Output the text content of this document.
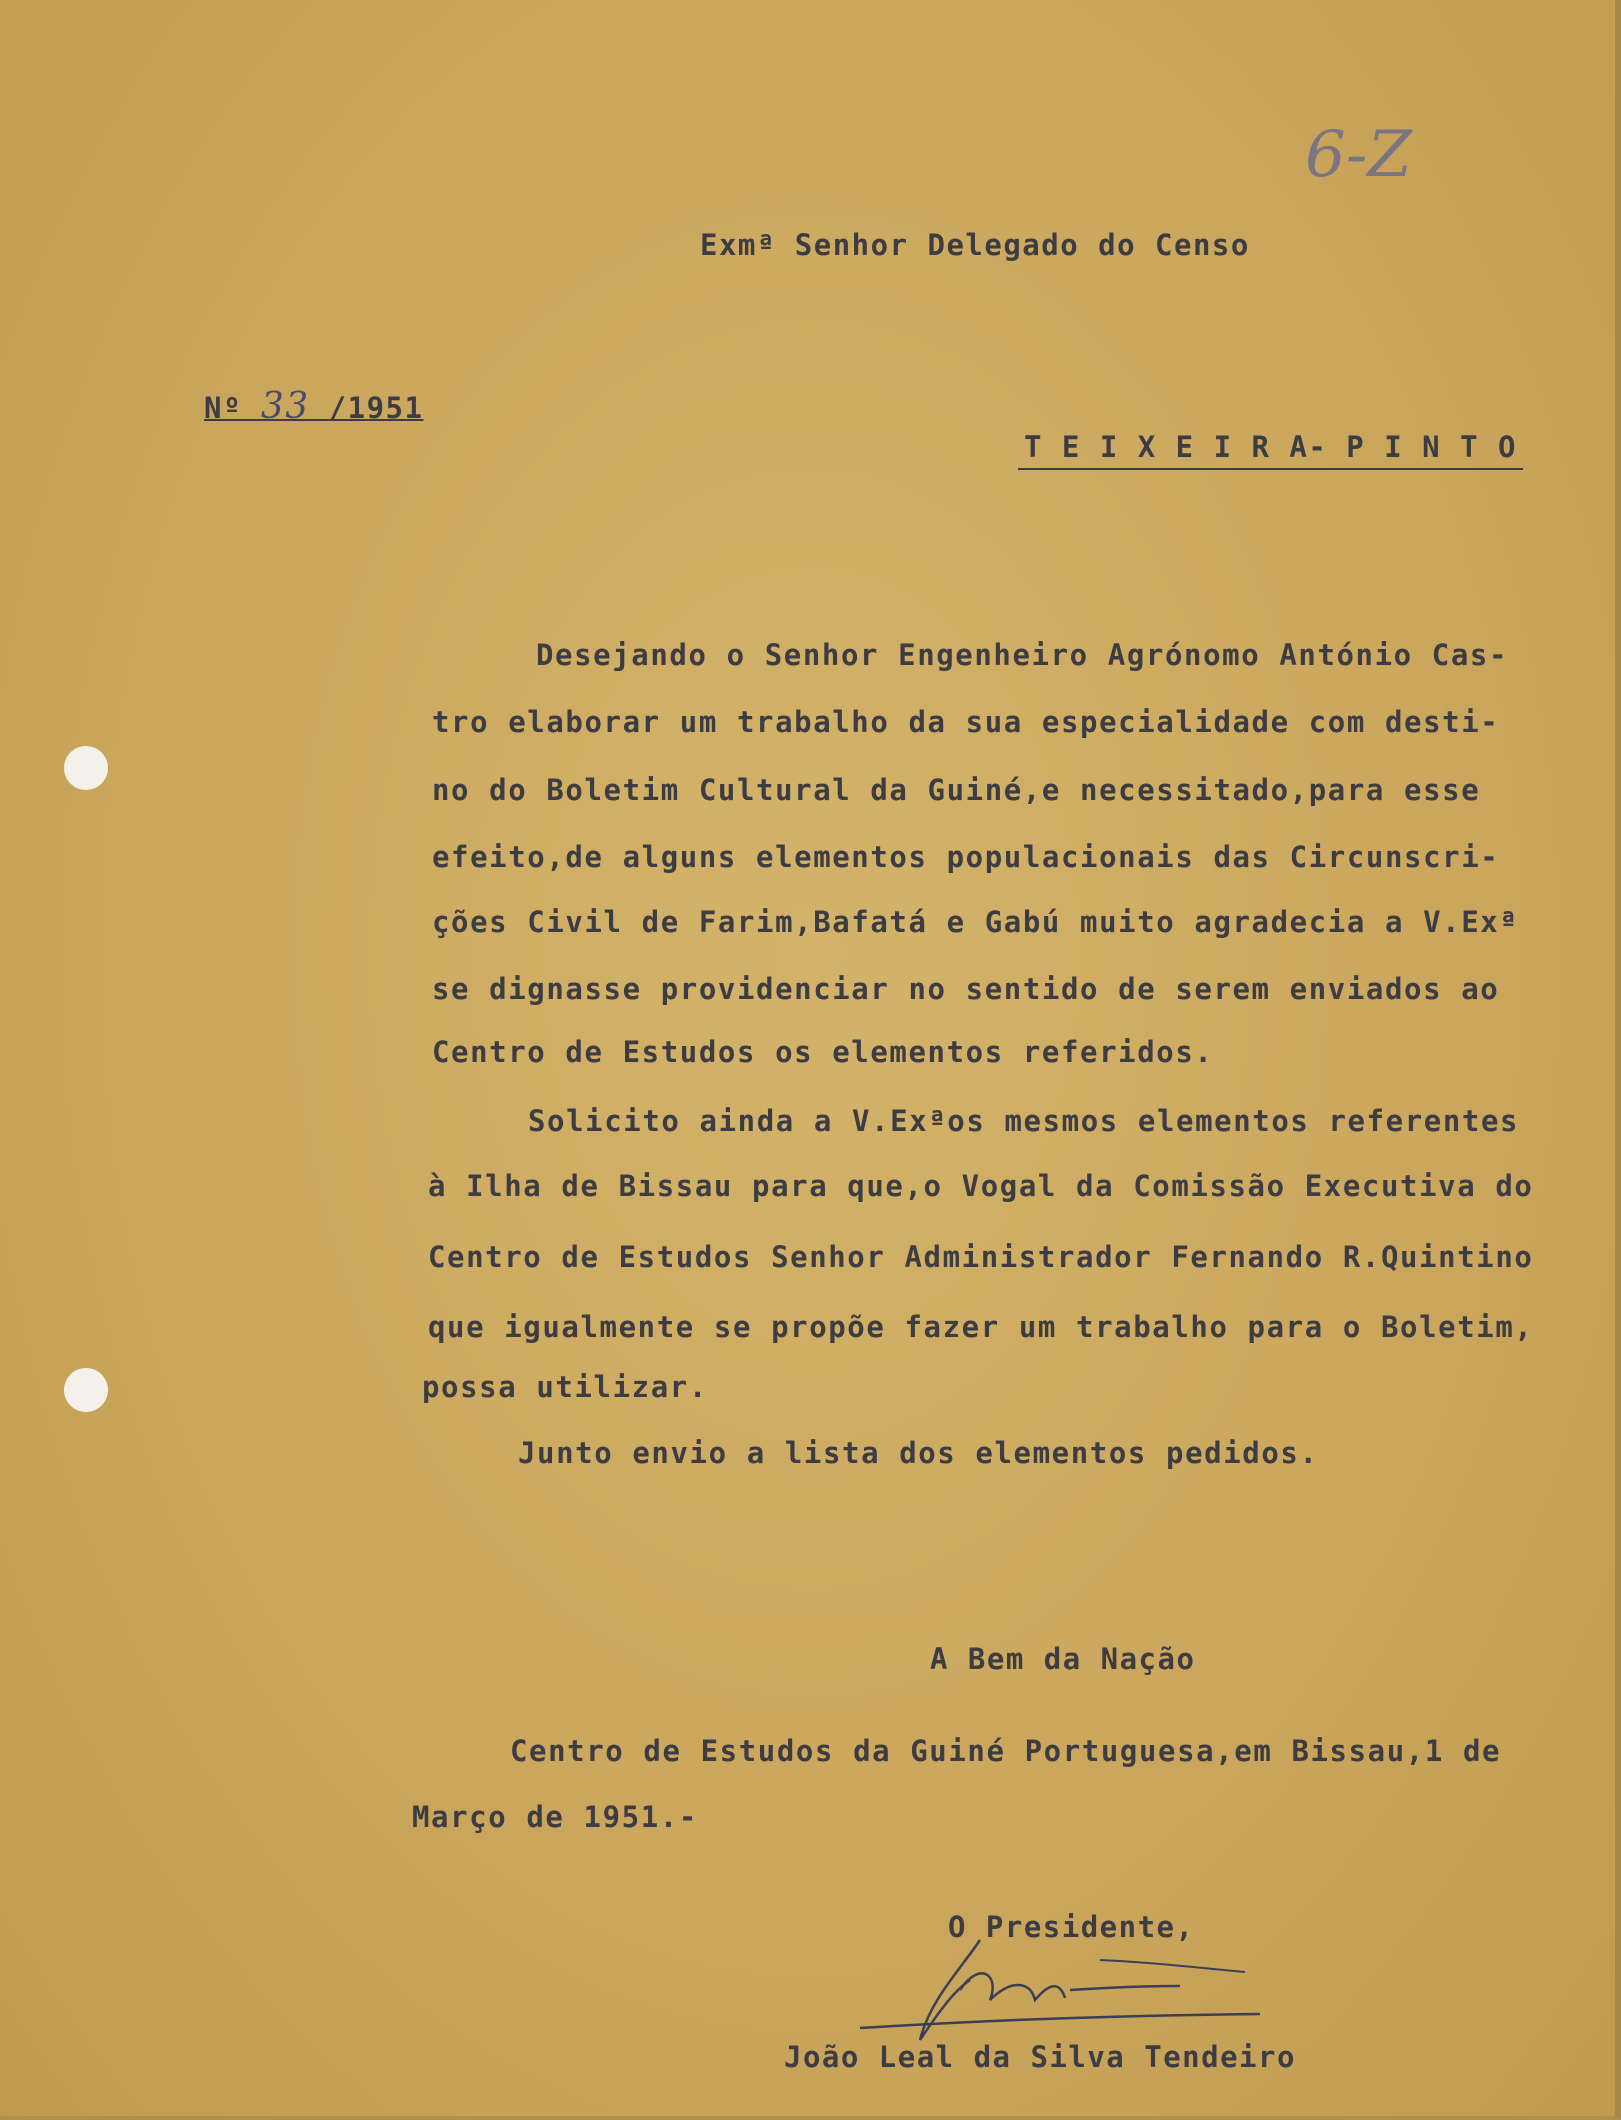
6-Z
Exmª Senhor Delegado do Censo
Nº 33 /1951
T E I X E I R A- P I N T O
Desejando o Senhor Engenheiro Agrónomo António Cas-
tro elaborar um trabalho da sua especialidade com desti-
no do Boletim Cultural da Guiné,e necessitado,para esse
efeito,de alguns elementos populacionais das Circunscri-
ções Civil de Farim,Bafatá e Gabú muito agradecia a V.Exª
se dignasse providenciar no sentido de serem enviados ao
Centro de Estudos os elementos referidos.
Solicito ainda a V.Exªos mesmos elementos referentes
à Ilha de Bissau para que,o Vogal da Comissão Executiva do
Centro de Estudos Senhor Administrador Fernando R.Quintino
que igualmente se propõe fazer um trabalho para o Boletim,
possa utilizar.
Junto envio a lista dos elementos pedidos.
A Bem da Nação
Centro de Estudos da Guiné Portuguesa,em Bissau,1 de
Março de 1951.-
O Presidente,
João Leal da Silva Tendeiro
